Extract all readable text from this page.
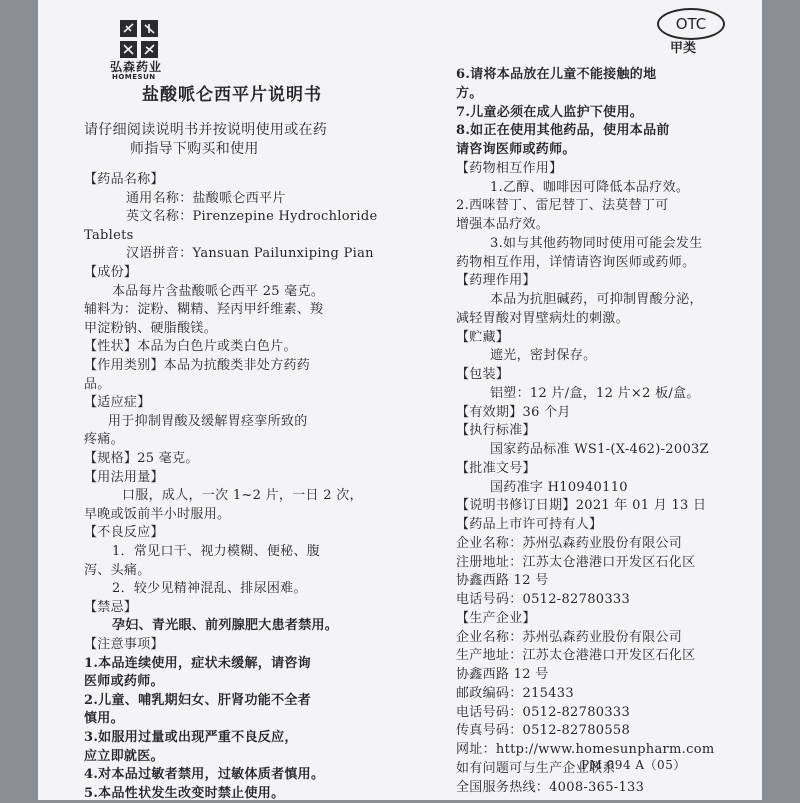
弘森药业
HOMESUN
OTC
甲类
盐酸哌仑西平片说明书
请仔细阅读说明书并按说明使用或在药
师指导下购买和使用
【药品名称】
通用名称：盐酸哌仑西平片
英文名称：Pirenzepine Hydrochloride
Tablets
汉语拼音：Yansuan Pailunxiping Pian
【成份】
本品每片含盐酸哌仑西平 25 毫克。
辅料为：淀粉、糊精、羟丙甲纤维素、羧
甲淀粉钠、硬脂酸镁。
【性状】本品为白色片或类白色片。
【作用类别】本品为抗酸类非处方药药
品。
【适应症】
用于抑制胃酸及缓解胃痉挛所致的
疼痛。
【规格】25 毫克。
【用法用量】
口服，成人，一次 1~2 片，一日 2 次，
早晚或饭前半小时服用。
【不良反应】
1．常见口干、视力模糊、便秘、腹
泻、头痛。
2．较少见精神混乱、排尿困难。
【禁忌】
孕妇、青光眼、前列腺肥大患者禁用。
【注意事项】
1.本品连续使用，症状未缓解，请咨询
医师或药师。
2.儿童、哺乳期妇女、肝肾功能不全者
慎用。
3.如服用过量或出现严重不良反应，
应立即就医。
4.对本品过敏者禁用，过敏体质者慎用。
5.本品性状发生改变时禁止使用。
6.请将本品放在儿童不能接触的地
方。
7.儿童必须在成人监护下使用。
8.如正在使用其他药品，使用本品前
请咨询医师或药师。
【药物相互作用】
1.乙醇、咖啡因可降低本品疗效。
2.西咪替丁、雷尼替丁、法莫替丁可
增强本品疗效。
3.如与其他药物同时使用可能会发生
药物相互作用，详情请咨询医师或药师。
【药理作用】
本品为抗胆碱药，可抑制胃酸分泌，
减轻胃酸对胃壁病灶的刺激。
【贮藏】
遮光，密封保存。
【包装】
铝塑：12 片/盒，12 片×2 板/盒。
【有效期】36 个月
【执行标准】
国家药品标准 WS1-(X-462)-2003Z
【批准文号】
国药准字 H10940110
【说明书修订日期】2021 年 01 月 13 日
【药品上市许可持有人】
企业名称：苏州弘森药业股份有限公司
注册地址：江苏太仓港港口开发区石化区
协鑫西路 12 号
电话号码：0512-82780333
【生产企业】
企业名称：苏州弘森药业股份有限公司
生产地址：江苏太仓港港口开发区石化区
协鑫西路 12 号
邮政编码：215433
电话号码：0512-82780333
传真号码：0512-82780558
网址：http://www.homesunpharm.com
如有问题可与生产企业联系
全国服务热线：4008-365-133
PM 094 A（05）
